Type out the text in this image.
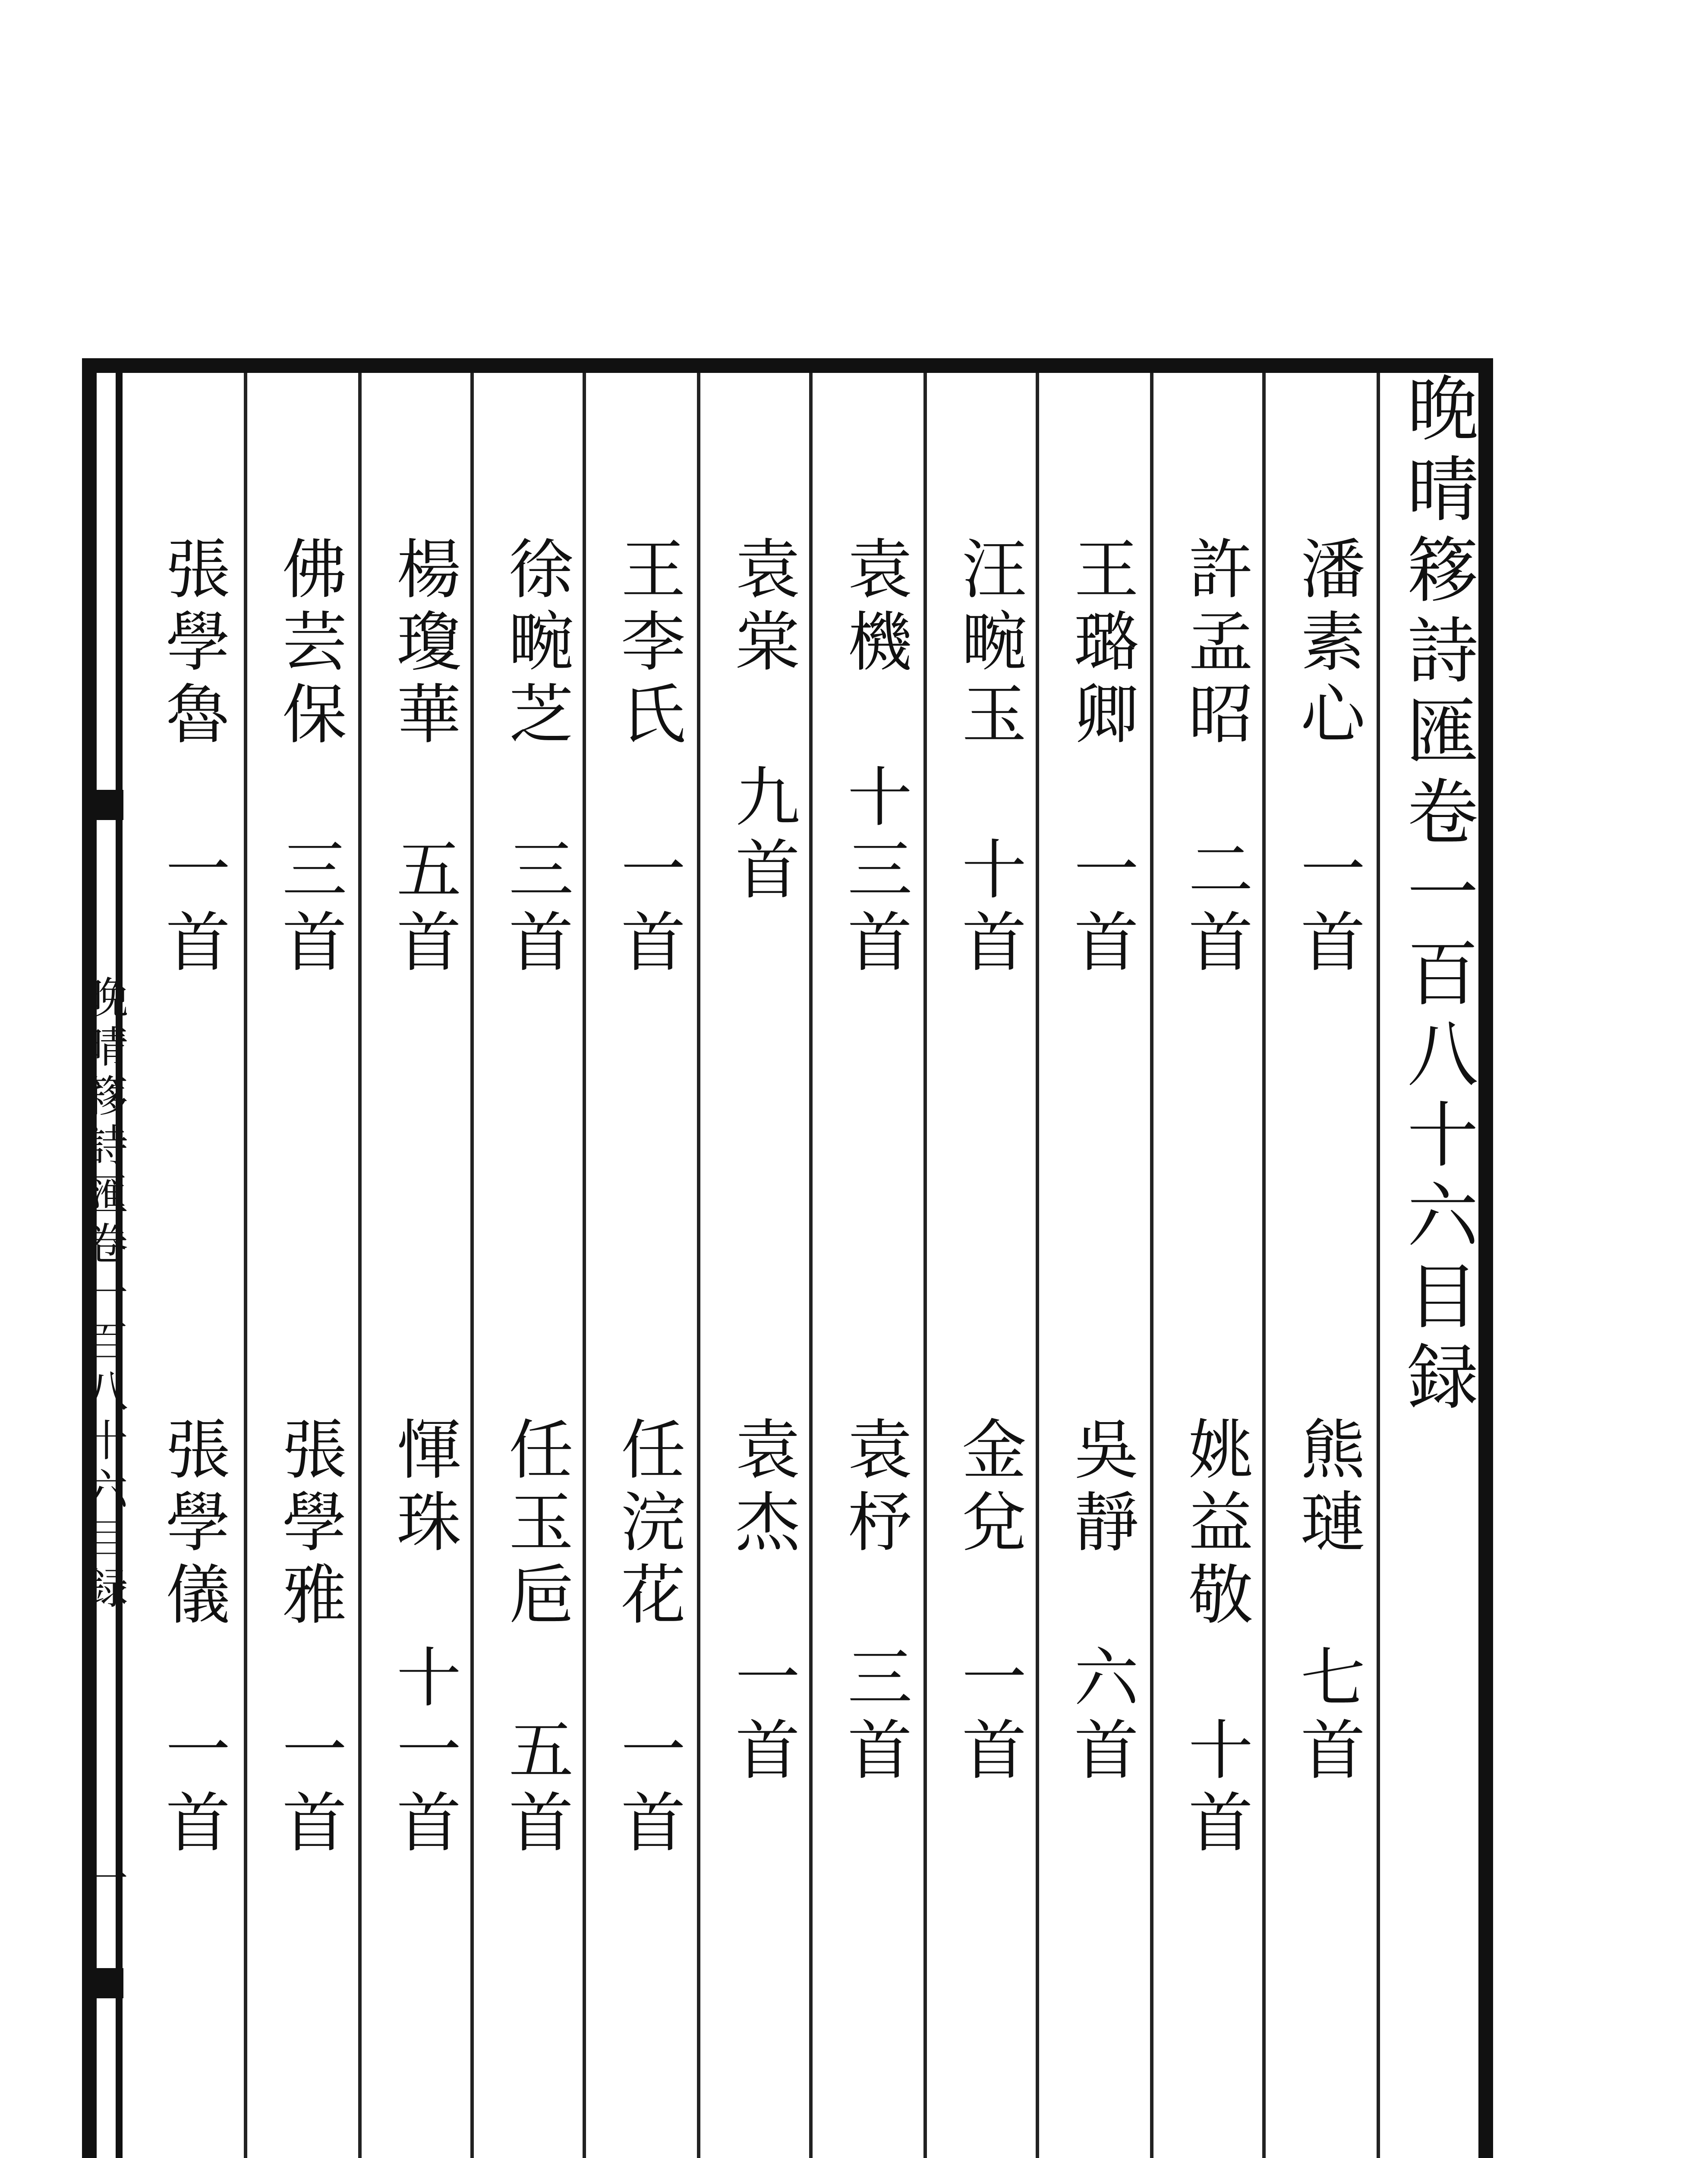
晚晴簃詩匯卷一百八十六目録
潘素心 一首
熊璉 七首
許孟昭 二首
姚益敬 十首
王璐卿 一首
吳靜 六首
汪畹玉 十首
金兌 一首
袁機 十三首
袁杼 三首
袁棠 九首
袁杰 一首
王李氏 一首
任浣花 一首
徐畹芝 三首
任玉巵 五首
楊瓊華 五首
惲珠 十一首
佛芸保 三首
張學雅 一首
張學魯 一首
張學儀 一首
晚晴簃詩匯卷一百八十六目録
一
